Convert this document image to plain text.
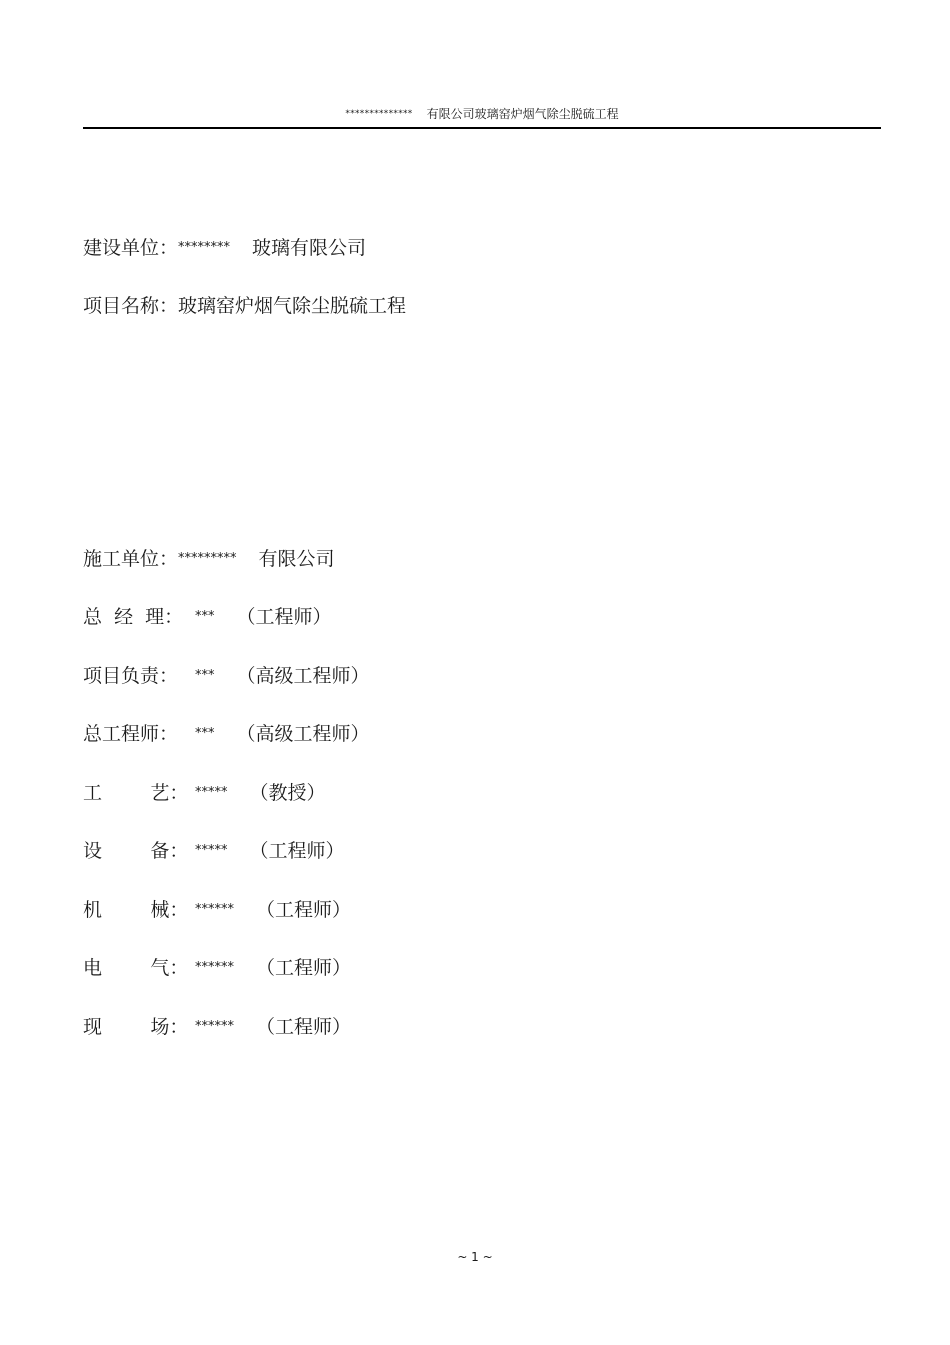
************** 有限公司玻璃窑炉烟气除尘脱硫工程
建设单位：******** 玻璃有限公司
项目名称：玻璃窑炉烟气除尘脱硫工程
施工单位：********* 有限公司
总  经  理： *** （工程师）
项目负责： *** （高级工程师）
总工程师： *** （高级工程师）
工        艺： ***** （教授）
设        备： ***** （工程师）
机        械： ****** （工程师）
电        气： ****** （工程师）
现        场： ****** （工程师）
~ 1 ~
